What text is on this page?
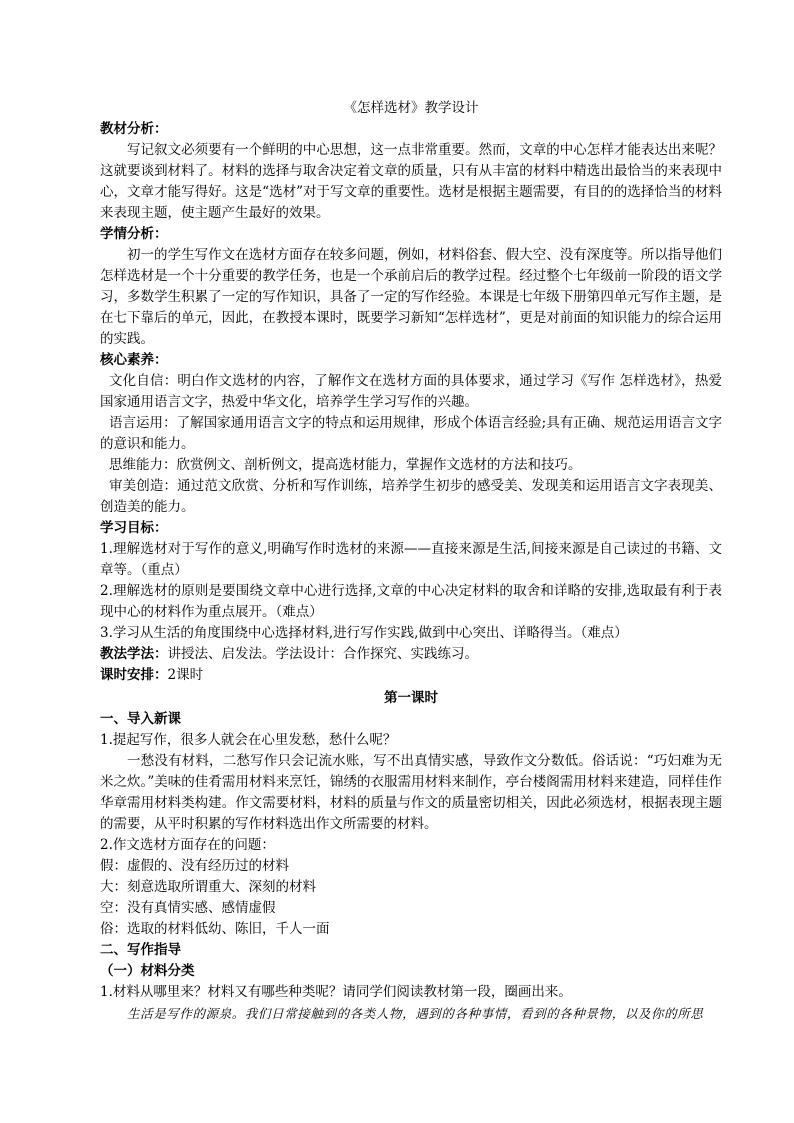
《怎样选材》教学设计

教材分析：

写记叙文必须要有一个鲜明的中心思想，这一点非常重要。然而，文章的中心怎样才能表达出来呢？这就要谈到材料了。材料的选择与取舍决定着文章的质量，只有从丰富的材料中精选出最恰当的来表现中心，文章才能写得好。这是“选材”对于写文章的重要性。选材是根据主题需要，有目的的选择恰当的材料来表现主题，使主题产生最好的效果。

学情分析：

初一的学生写作文在选材方面存在较多问题，例如，材料俗套、假大空、没有深度等。所以指导他们怎样选材是一个十分重要的教学任务，也是一个承前启后的教学过程。经过整个七年级前一阶段的语文学习，多数学生积累了一定的写作知识，具备了一定的写作经验。本课是七年级下册第四单元写作主题，是在七下靠后的单元，因此，在教授本课时，既要学习新知“怎样选材”，更是对前面的知识能力的综合运用的实践。

核心素养：

文化自信：明白作文选材的内容，了解作文在选材方面的具体要求，通过学习《写作 怎样选材》，热爱国家通用语言文字，热爱中华文化，培养学生学习写作的兴趣。

语言运用：了解国家通用语言文字的特点和运用规律，形成个体语言经验;具有正确、规范运用语言文字的意识和能力。

思维能力：欣赏例文、剖析例文，提高选材能力，掌握作文选材的方法和技巧。

审美创造：通过范文欣赏、分析和写作训练，培养学生初步的感受美、发现美和运用语言文字表现美、创造美的能力。

学习目标：

1.理解选材对于写作的意义,明确写作时选材的来源——直接来源是生活,间接来源是自己读过的书籍、文章等。（重点）

2.理解选材的原则是要围绕文章中心进行选择,文章的中心决定材料的取舍和详略的安排,选取最有利于表现中心的材料作为重点展开。（难点）

3.学习从生活的角度围绕中心选择材料,进行写作实践,做到中心突出、详略得当。（难点）

教法学法：讲授法、启发法。学法设计：合作探究、实践练习。

课时安排：2课时

第一课时

一、导入新课

1.提起写作，很多人就会在心里发愁，愁什么呢？

一愁没有材料，二愁写作只会记流水账，写不出真情实感，导致作文分数低。俗话说：“巧妇难为无米之炊。”美味的佳肴需用材料来烹饪，锦绣的衣服需用材料来制作，亭台楼阁需用材料来建造，同样佳作华章需用材料类构建。作文需要材料，材料的质量与作文的质量密切相关，因此必须选材，根据表现主题的需要，从平时积累的写作材料选出作文所需要的材料。

2.作文选材方面存在的问题：

假：虚假的、没有经历过的材料

大：刻意选取所谓重大、深刻的材料

空：没有真情实感、感情虚假

俗：选取的材料低幼、陈旧，千人一面

二、写作指导

（一）材料分类

1.材料从哪里来？材料又有哪些种类呢？请同学们阅读教材第一段，圈画出来。

生活是写作的源泉。我们日常接触到的各类人物，遇到的各种事情，看到的各种景物，以及你的所思
